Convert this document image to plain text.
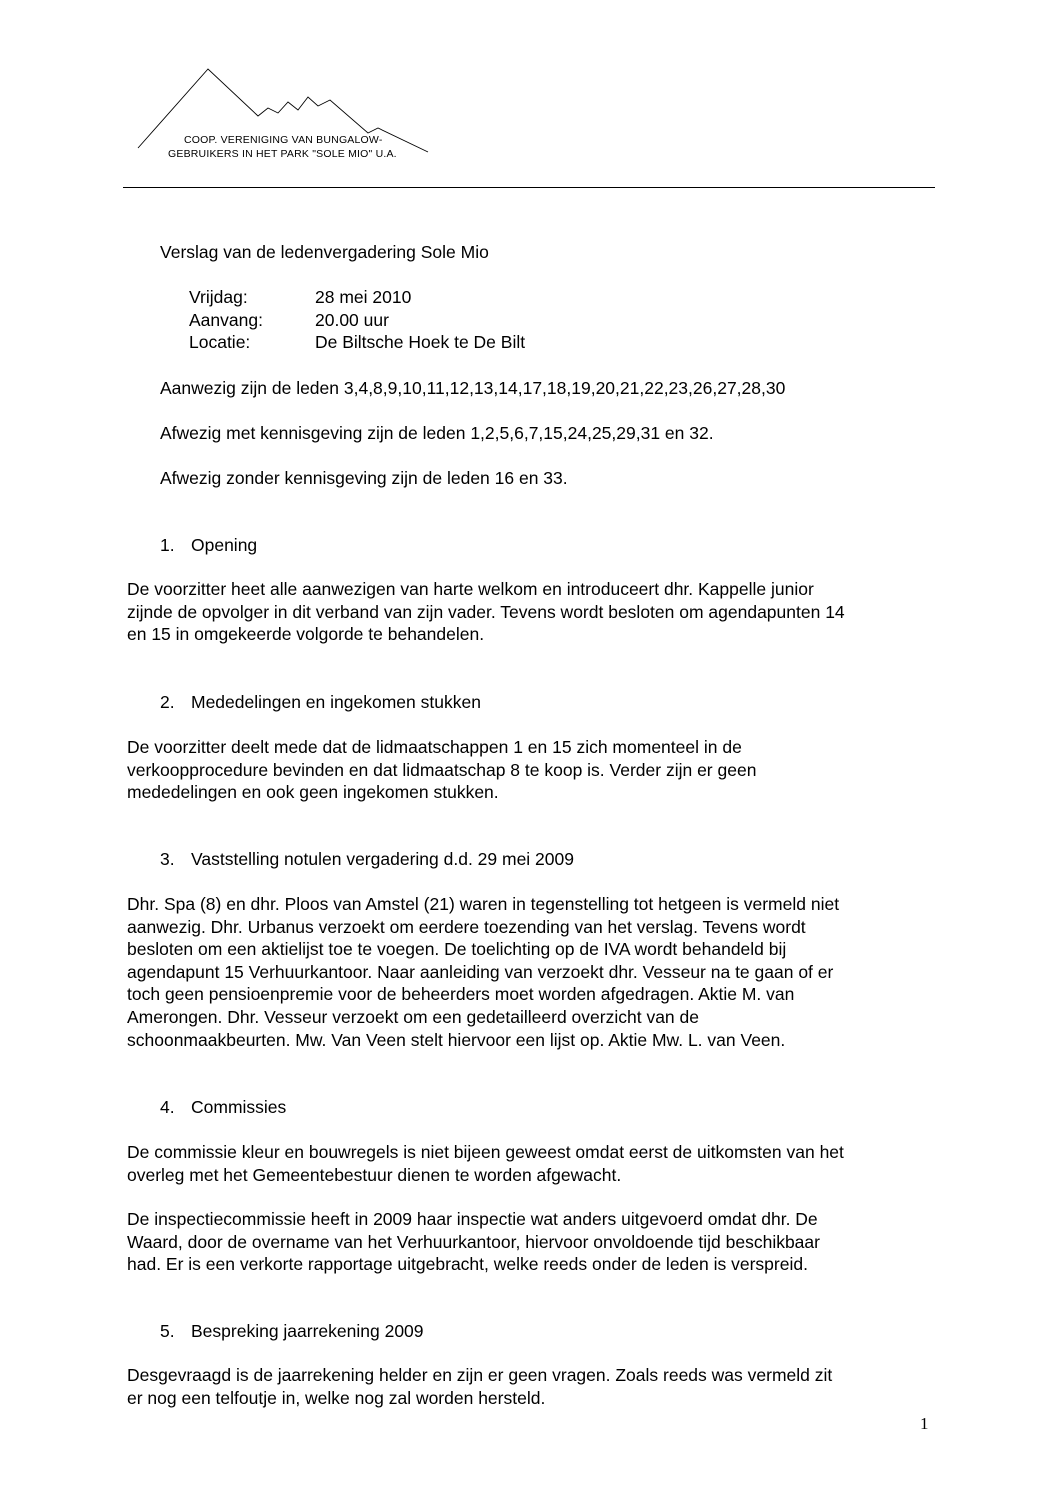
COOP. VERENIGING VAN BUNGALOW-
GEBRUIKERS IN HET PARK "SOLE MIO" U.A.
Verslag van de ledenvergadering Sole Mio
Vrijdag:	28 mei 2010
Aanvang:	20.00 uur
Locatie:	De Biltsche Hoek te De Bilt
Aanwezig zijn de leden 3,4,8,9,10,11,12,13,14,17,18,19,20,21,22,23,26,27,28,30
Afwezig met kennisgeving zijn de leden 1,2,5,6,7,15,24,25,29,31 en 32.
Afwezig zonder kennisgeving zijn de leden 16 en 33.
1. Opening
De voorzitter heet alle aanwezigen van harte welkom en introduceert dhr. Kappelle junior
zijnde de opvolger in dit verband van zijn vader. Tevens wordt besloten om agendapunten 14
en 15 in omgekeerde volgorde te behandelen.
2. Mededelingen en ingekomen stukken
De voorzitter deelt mede dat de lidmaatschappen 1 en 15 zich momenteel in de
verkoopprocedure bevinden en dat lidmaatschap 8 te koop is. Verder zijn er geen
mededelingen en ook geen ingekomen stukken.
3. Vaststelling notulen vergadering d.d. 29 mei 2009
Dhr. Spa (8) en dhr. Ploos van Amstel (21) waren in tegenstelling tot hetgeen is vermeld niet
aanwezig. Dhr. Urbanus verzoekt om eerdere toezending van het verslag. Tevens wordt
besloten om een aktielijst toe te voegen. De toelichting op de IVA wordt behandeld bij
agendapunt 15 Verhuurkantoor. Naar aanleiding van verzoekt dhr. Vesseur na te gaan of er
toch geen pensioenpremie voor de beheerders moet worden afgedragen. Aktie M. van
Amerongen. Dhr. Vesseur verzoekt om een gedetailleerd overzicht van de
schoonmaakbeurten. Mw. Van Veen stelt hiervoor een lijst op. Aktie Mw. L. van Veen.
4. Commissies
De commissie kleur en bouwregels is niet bijeen geweest omdat eerst de uitkomsten van het
overleg met het Gemeentebestuur dienen te worden afgewacht.
De inspectiecommissie heeft in 2009 haar inspectie wat anders uitgevoerd omdat dhr. De
Waard, door de overname van het Verhuurkantoor, hiervoor onvoldoende tijd beschikbaar
had. Er is een verkorte rapportage uitgebracht, welke reeds onder de leden is verspreid.
5. Bespreking jaarrekening 2009
Desgevraagd is de jaarrekening helder en zijn er geen vragen. Zoals reeds was vermeld zit
er nog een telfoutje in, welke nog zal worden hersteld.
1
